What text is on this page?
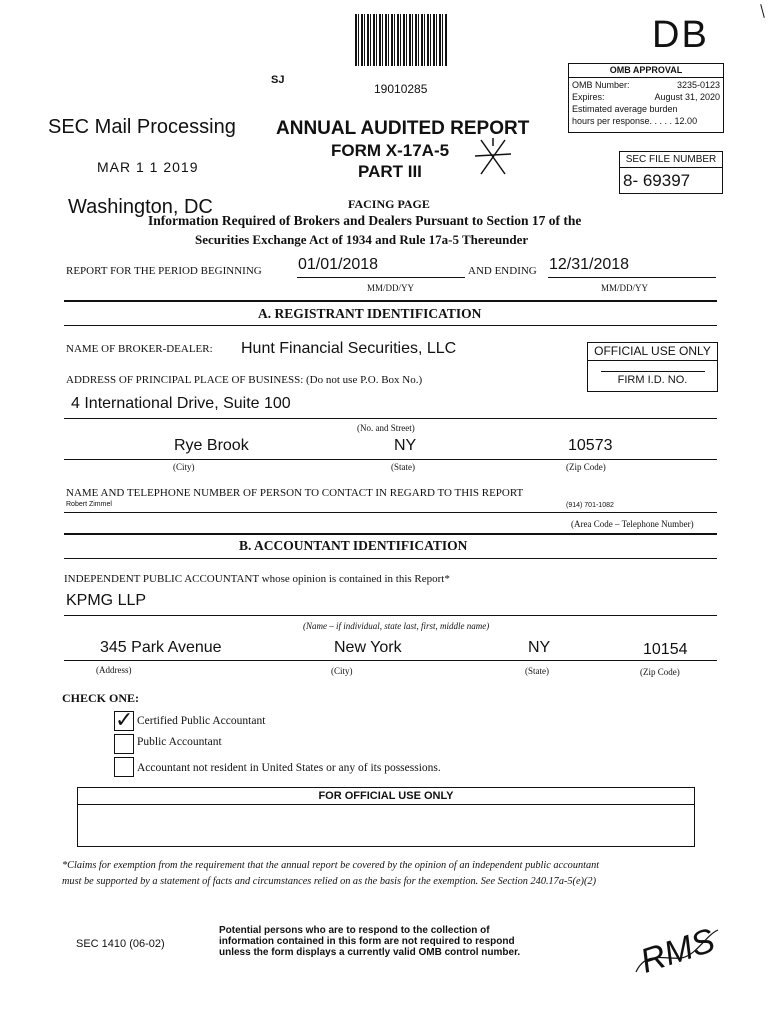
19010285
SJ
DB
OMB APPROVAL
OMB Number:	3235-0123
Expires:	August 31, 2020
Estimated average burden
hours per response. . . . . 12.00
SEC FILE NUMBER
8- 69397
SEC Mail Processing
MAR 1 1 2019
Washington, DC
ANNUAL AUDITED REPORT
FORM X-17A-5
PART III
FACING PAGE
Information Required of Brokers and Dealers Pursuant to Section 17 of the
Securities Exchange Act of 1934 and Rule 17a-5 Thereunder
REPORT FOR THE PERIOD BEGINNING 01/01/2018	AND ENDING 12/31/2018
MM/DD/YY	MM/DD/YY
A. REGISTRANT IDENTIFICATION
NAME OF BROKER-DEALER: Hunt Financial Securities, LLC	OFFICIAL USE ONLY
FIRM I.D. NO.
ADDRESS OF PRINCIPAL PLACE OF BUSINESS: (Do not use P.O. Box No.)
4 International Drive, Suite 100
(No. and Street)
Rye Brook	NY	10573
(City)	(State)	(Zip Code)
NAME AND TELEPHONE NUMBER OF PERSON TO CONTACT IN REGARD TO THIS REPORT
Robert Zimmel	(914) 701-1082
(Area Code – Telephone Number)
B. ACCOUNTANT IDENTIFICATION
INDEPENDENT PUBLIC ACCOUNTANT whose opinion is contained in this Report*
KPMG LLP
(Name – if individual, state last, first, middle name)
345 Park Avenue	New York	NY	10154
(Address)	(City)	(State)	(Zip Code)
CHECK ONE:
✓ Certified Public Accountant
Public Accountant
Accountant not resident in United States or any of its possessions.
FOR OFFICIAL USE ONLY
*Claims for exemption from the requirement that the annual report be covered by the opinion of an independent public accountant
must be supported by a statement of facts and circumstances relied on as the basis for the exemption. See Section 240.17a-5(e)(2)
SEC 1410 (06-02)
Potential persons who are to respond to the collection of
information contained in this form are not required to respond
unless the form displays a currently valid OMB control number.	RMS
